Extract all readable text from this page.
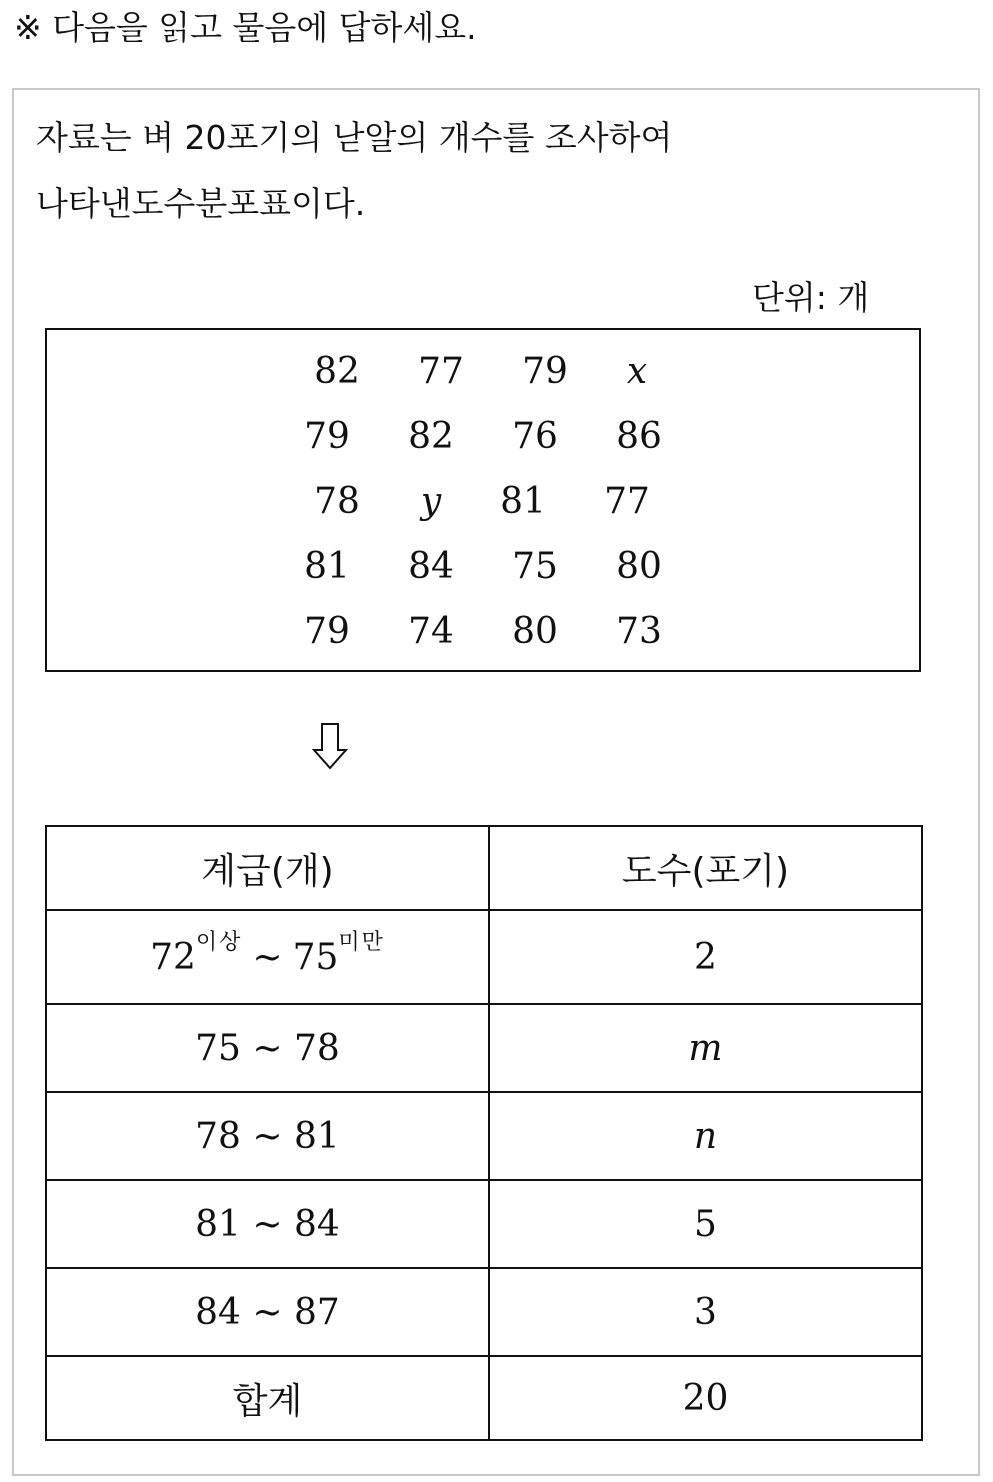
※ 다음을 읽고 물음에 답하세요.
자료는 벼 20포기의 낟알의 개수를 조사하여
나타낸도수분포표이다.
단위: 개
82 77 79 x
79 82 76 86
78 y 81 77
81 84 75 80
79 74 80 73
계급(개)	도수(포기)
$72^{이상}$ ~ $75^{미만}$	2
75 ~ 78	m
78 ~ 81	n
81 ~ 84	5
84 ~ 87	3
합계	20
